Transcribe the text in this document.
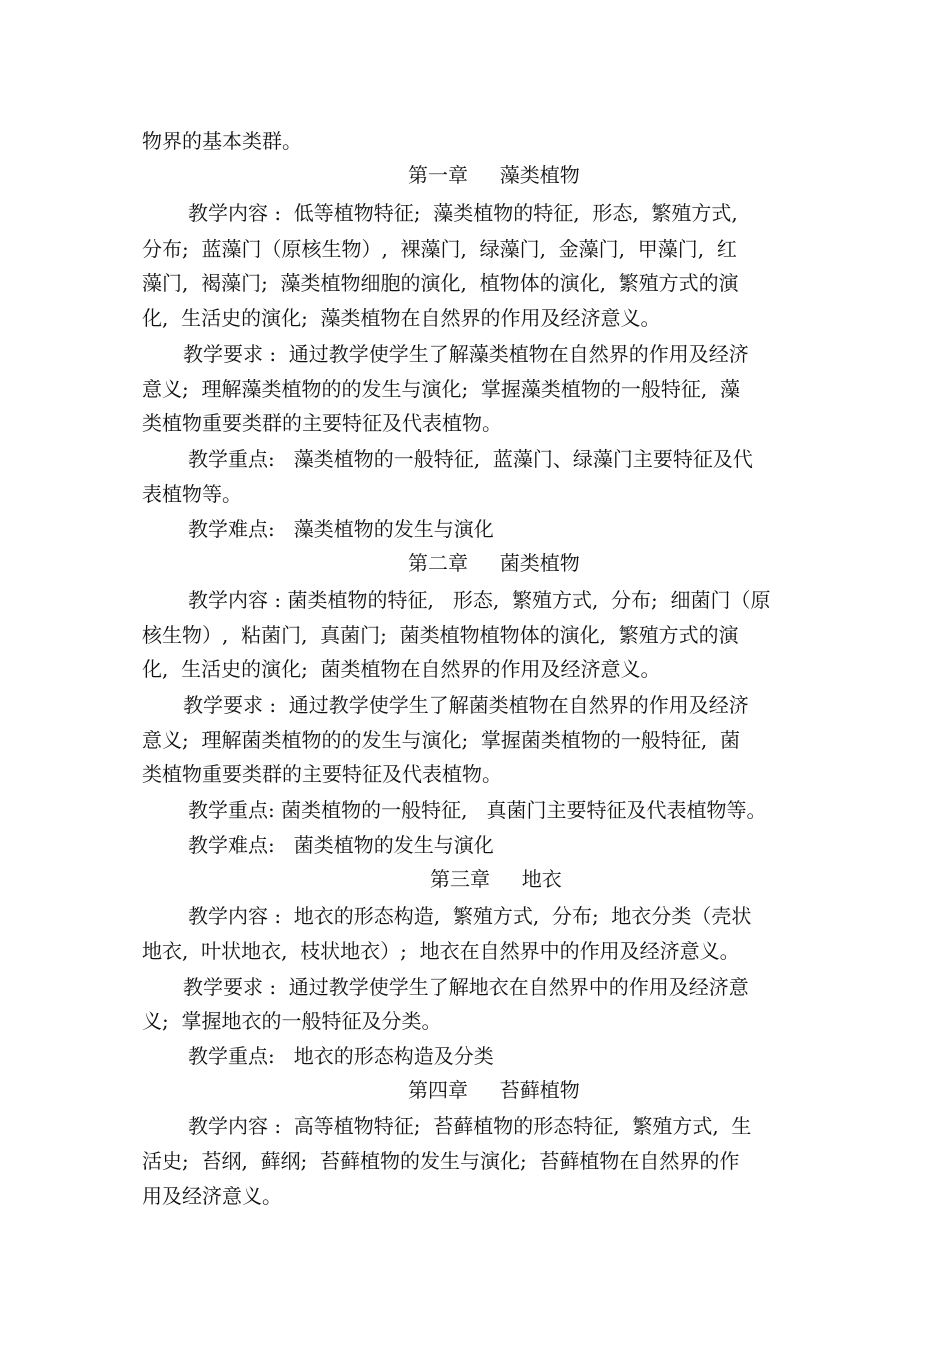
物界的基本类群。
第一章     藻类植物
教学内容 :  低等植物特征;  藻类植物的特征,  形态,  繁殖方式,
分布;  蓝藻门（原核生物）,  裸藻门,  绿藻门,  金藻门,  甲藻门,  红
藻门,  褐藻门;  藻类植物细胞的演化,  植物体的演化,  繁殖方式的演
化,  生活史的演化;  藻类植物在自然界的作用及经济意义。
教学要求 :  通过教学使学生了解藻类植物在自然界的作用及经济
意义;  理解藻类植物的的发生与演化;  掌握藻类植物的一般特征,  藻
类植物重要类群的主要特征及代表植物。
教学重点:   藻类植物的一般特征,  蓝藻门、绿藻门主要特征及代
表植物等。
教学难点:   藻类植物的发生与演化
第二章     菌类植物
教学内容 : 菌类植物的特征,   形态,  繁殖方式,  分布;  细菌门（原
核生物）,  粘菌门,  真菌门;  菌类植物植物体的演化,  繁殖方式的演
化,  生活史的演化;  菌类植物在自然界的作用及经济意义。
教学要求 :  通过教学使学生了解菌类植物在自然界的作用及经济
意义;  理解菌类植物的的发生与演化;  掌握菌类植物的一般特征,  菌
类植物重要类群的主要特征及代表植物。
教学重点: 菌类植物的一般特征,   真菌门主要特征及代表植物等。
教学难点:   菌类植物的发生与演化
第三章     地衣
教学内容 :  地衣的形态构造,  繁殖方式,  分布;  地衣分类（壳状
地衣,  叶状地衣,  枝状地衣）;  地衣在自然界中的作用及经济意义。
教学要求 :  通过教学使学生了解地衣在自然界中的作用及经济意
义;  掌握地衣的一般特征及分类。
教学重点:   地衣的形态构造及分类
第四章     苔藓植物
教学内容 :  高等植物特征;  苔藓植物的形态特征,  繁殖方式,  生
活史;  苔纲,  藓纲;  苔藓植物的发生与演化;  苔藓植物在自然界的作
用及经济意义。
